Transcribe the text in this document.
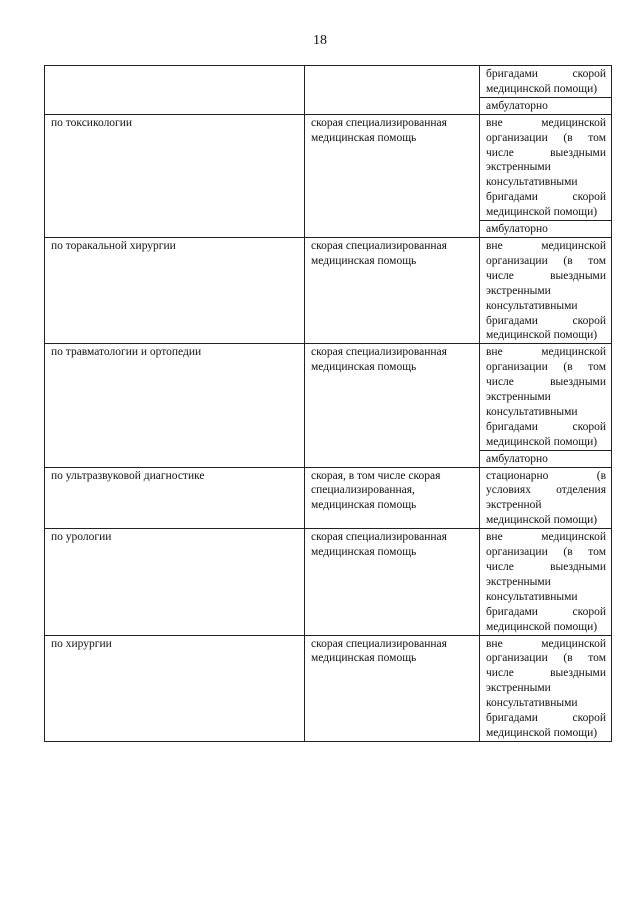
18
		бригадами скорой медицинской помощи)
		амбулаторно
по токсикологии	скорая специализированная медицинская помощь	вне медицинской организации (в том числе выездными экстренными консультативными бригадами скорой медицинской помощи)
		амбулаторно
по торакальной хирургии	скорая специализированная медицинская помощь	вне медицинской организации (в том числе выездными экстренными консультативными бригадами скорой медицинской помощи)
по травматологии и ортопедии	скорая специализированная медицинская помощь	вне медицинской организации (в том числе выездными экстренными консультативными бригадами скорой медицинской помощи)
		амбулаторно
по ультразвуковой диагностике	скорая, в том числе скорая специализированная, медицинская помощь	стационарно (в условиях отделения экстренной медицинской помощи)
по урологии	скорая специализированная медицинская помощь	вне медицинской организации (в том числе выездными экстренными консультативными бригадами скорой медицинской помощи)
по хирургии	скорая специализированная медицинская помощь	вне медицинской организации (в том числе выездными экстренными консультативными бригадами скорой медицинской помощи)
